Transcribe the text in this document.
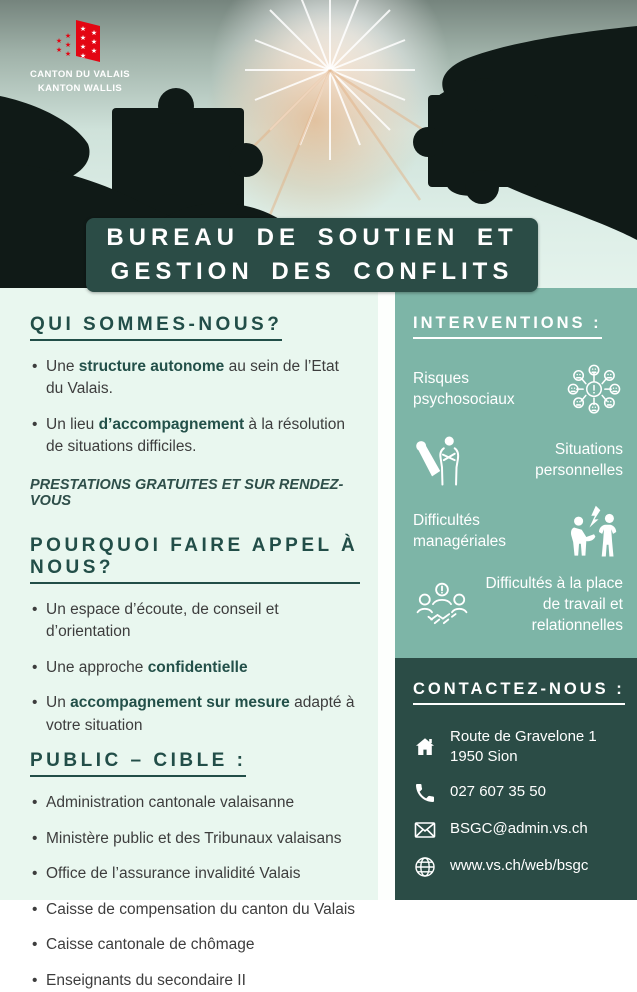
★
★
★
★
★
★
★
★
★
★
★
★
CANTON DU VALAIS
KANTON WALLIS
BUREAU DE SOUTIEN ET
GESTION DES CONFLITS
QUI SOMMES-NOUS?
• Une structure autonome au sein de l’Etat du Valais.
• Un lieu d’accompagnement à la résolution de situations difficiles.
PRESTATIONS GRATUITES ET SUR RENDEZ-VOUS
POURQUOI FAIRE APPEL À NOUS?
• Un espace d’écoute, de conseil et d’orientation
• Une approche confidentielle
• Un accompagnement sur mesure adapté à votre situation
PUBLIC – CIBLE :
• Administration cantonale valaisanne
• Ministère public et des Tribunaux valaisans
• Office de l’assurance invalidité Valais
• Caisse de compensation du canton du Valais
• Caisse cantonale de chômage
• Enseignants du secondaire II
INTERVENTIONS :
Risques psychosociaux
Situations personnelles
Difficultés managériales
Difficultés à la place de travail et relationnelles
CONTACTEZ-NOUS :
Route de Gravelone 1
1950 Sion
027 607 35 50
BSGC@admin.vs.ch
www.vs.ch/web/bsgc
